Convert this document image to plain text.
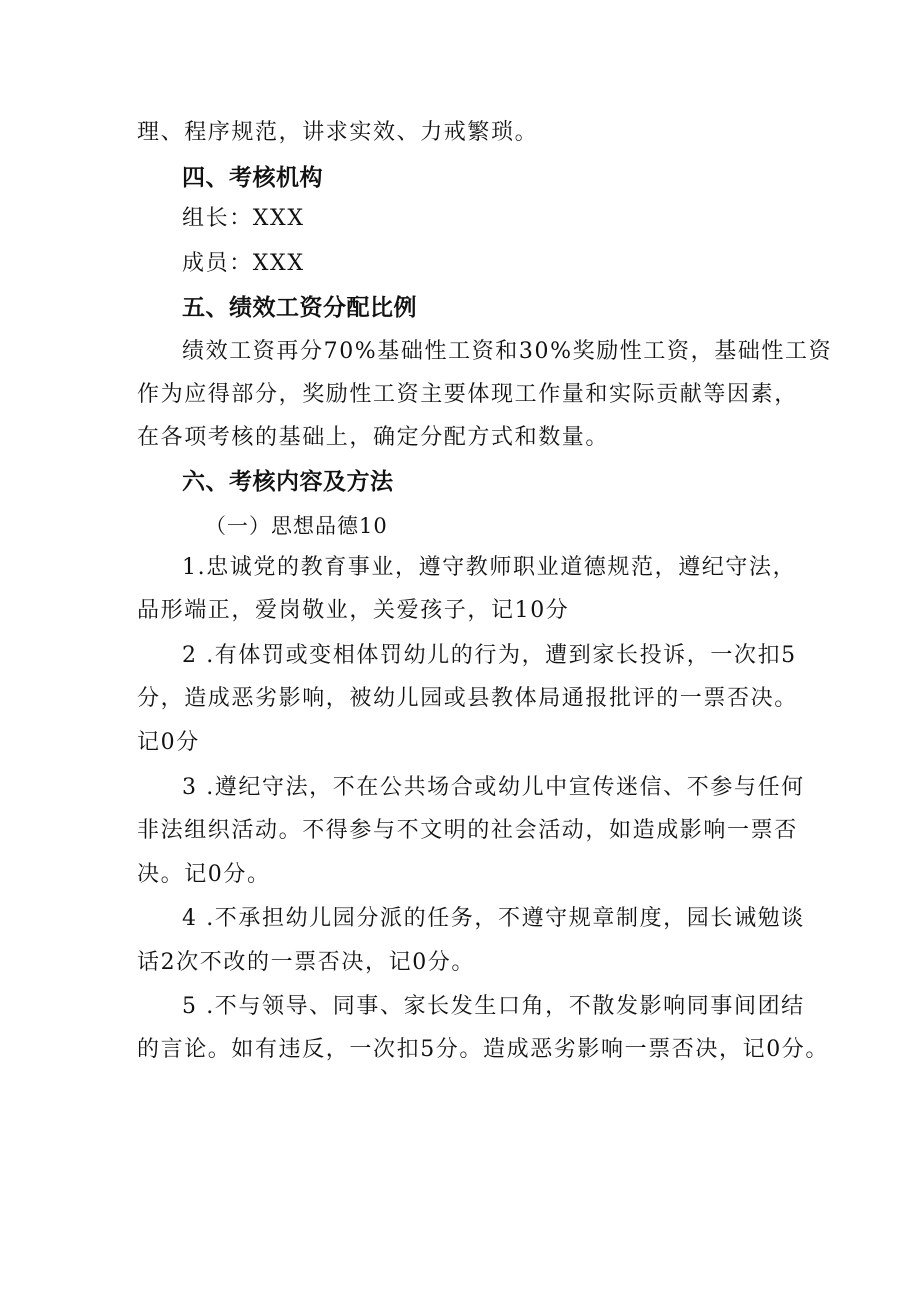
理、程序规范，讲求实效、力戒繁琐。

四、考核机构

组长：XXX

成员：XXX

五、绩效工资分配比例

绩效工资再分70%基础性工资和30%奖励性工资，基础性工资

作为应得部分，奖励性工资主要体现工作量和实际贡献等因素，

在各项考核的基础上，确定分配方式和数量。

六、考核内容及方法

（一）思想品德10

1.忠诚党的教育事业，遵守教师职业道德规范，遵纪守法，

品形端正，爱岗敬业，关爱孩子，记10分

2 .有体罚或变相体罚幼儿的行为，遭到家长投诉，一次扣5

分，造成恶劣影响，被幼儿园或县教体局通报批评的一票否决。

记0分

3 .遵纪守法，不在公共场合或幼儿中宣传迷信、不参与任何

非法组织活动。不得参与不文明的社会活动，如造成影响一票否

决。记0分。

4 .不承担幼儿园分派的任务，不遵守规章制度，园长诫勉谈

话2次不改的一票否决，记0分。

5 .不与领导、同事、家长发生口角，不散发影响同事间团结

的言论。如有违反，一次扣5分。造成恶劣影响一票否决，记0分。
